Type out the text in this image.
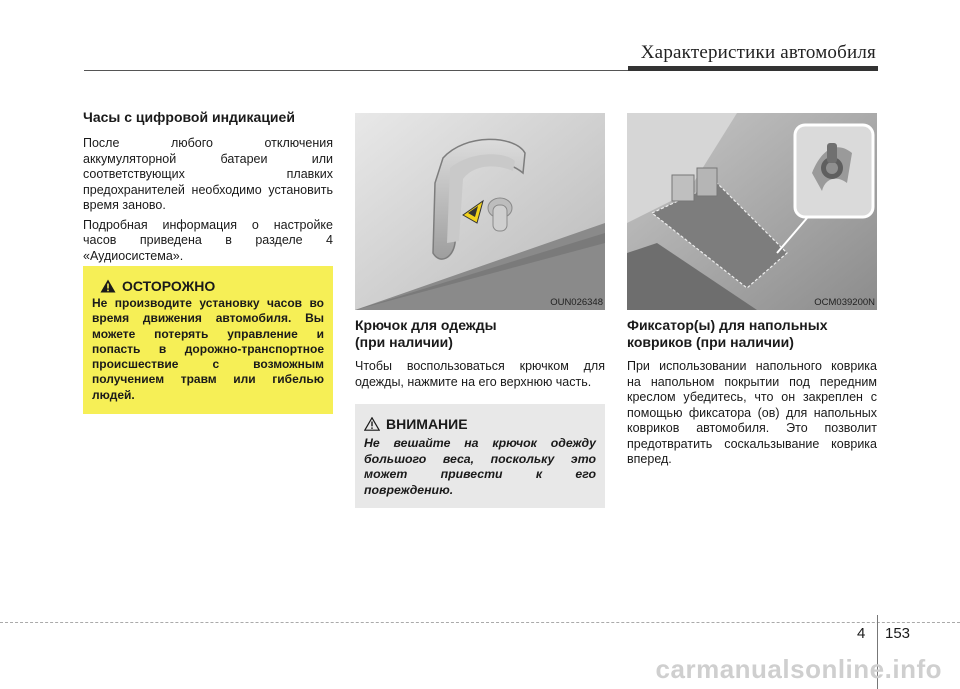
Характеристики автомобиля
Часы с цифровой индикацией
После любого отключения аккумуляторной батареи или соответствующих плавких предохранителей необходимо установить время заново.
Подробная информация о настройке часов приведена в разделе 4 «Аудиосистема».
ОСТОРОЖНО
Не производите установку часов во время движения автомобиля. Вы можете потерять управление и попасть в дорожно-транспортное происшествие с возможным получением травм или гибелью людей.
OUN026348
Крючок для одежды
(при наличии)
Чтобы воспользоваться крючком для одежды, нажмите на его верхнюю часть.
ВНИМАНИЕ
Не вешайте на крючок одежду большого веса, поскольку это может привести к его повреждению.
OCM039200N
Фиксатор(ы) для напольных
ковриков (при наличии)
При использовании напольного коврика на напольном покрытии под передним креслом убедитесь, что он закреплен с помощью фиксатора (ов) для напольных ковриков автомобиля. Это позволит предотвратить соскальзывание коврика вперед.
4 153
carmanualsonline.info
